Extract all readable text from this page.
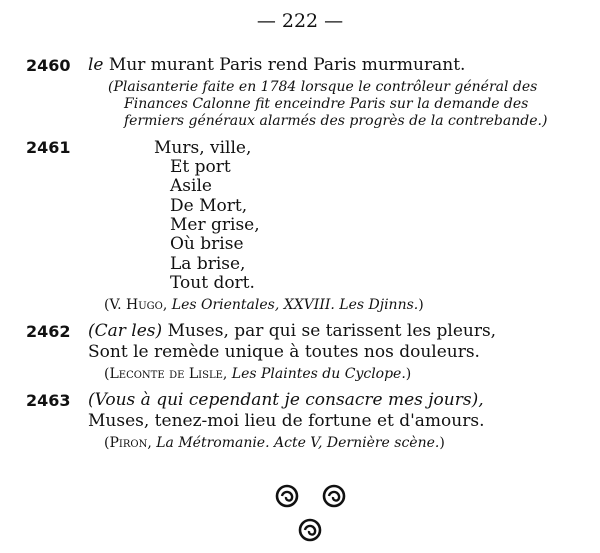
— 222 —
2460 le Mur murant Paris rend Paris murmurant.
(Plaisanterie faite en 1784 lorsque le contrôleur général des
Finances Calonne fit enceindre Paris sur la demande des
fermiers généraux alarmés des progrès de la contrebande.)
2461	Murs, ville,
Et port
Asile
De Mort,
Mer grise,
Où brise
La brise,
Tout dort.
(V. Hugo, Les Orientales, XXVIII. Les Djinns.)
2462 (Car les) Muses, par qui se tarissent les pleurs,
Sont le remède unique à toutes nos douleurs.
(Leconte de Lisle, Les Plaintes du Cyclope.)
2463 (Vous à qui cependant je consacre mes jours),
Muses, tenez-moi lieu de fortune et d'amours.
(Piron, La Métromanie. Acte V, Dernière scène.)
